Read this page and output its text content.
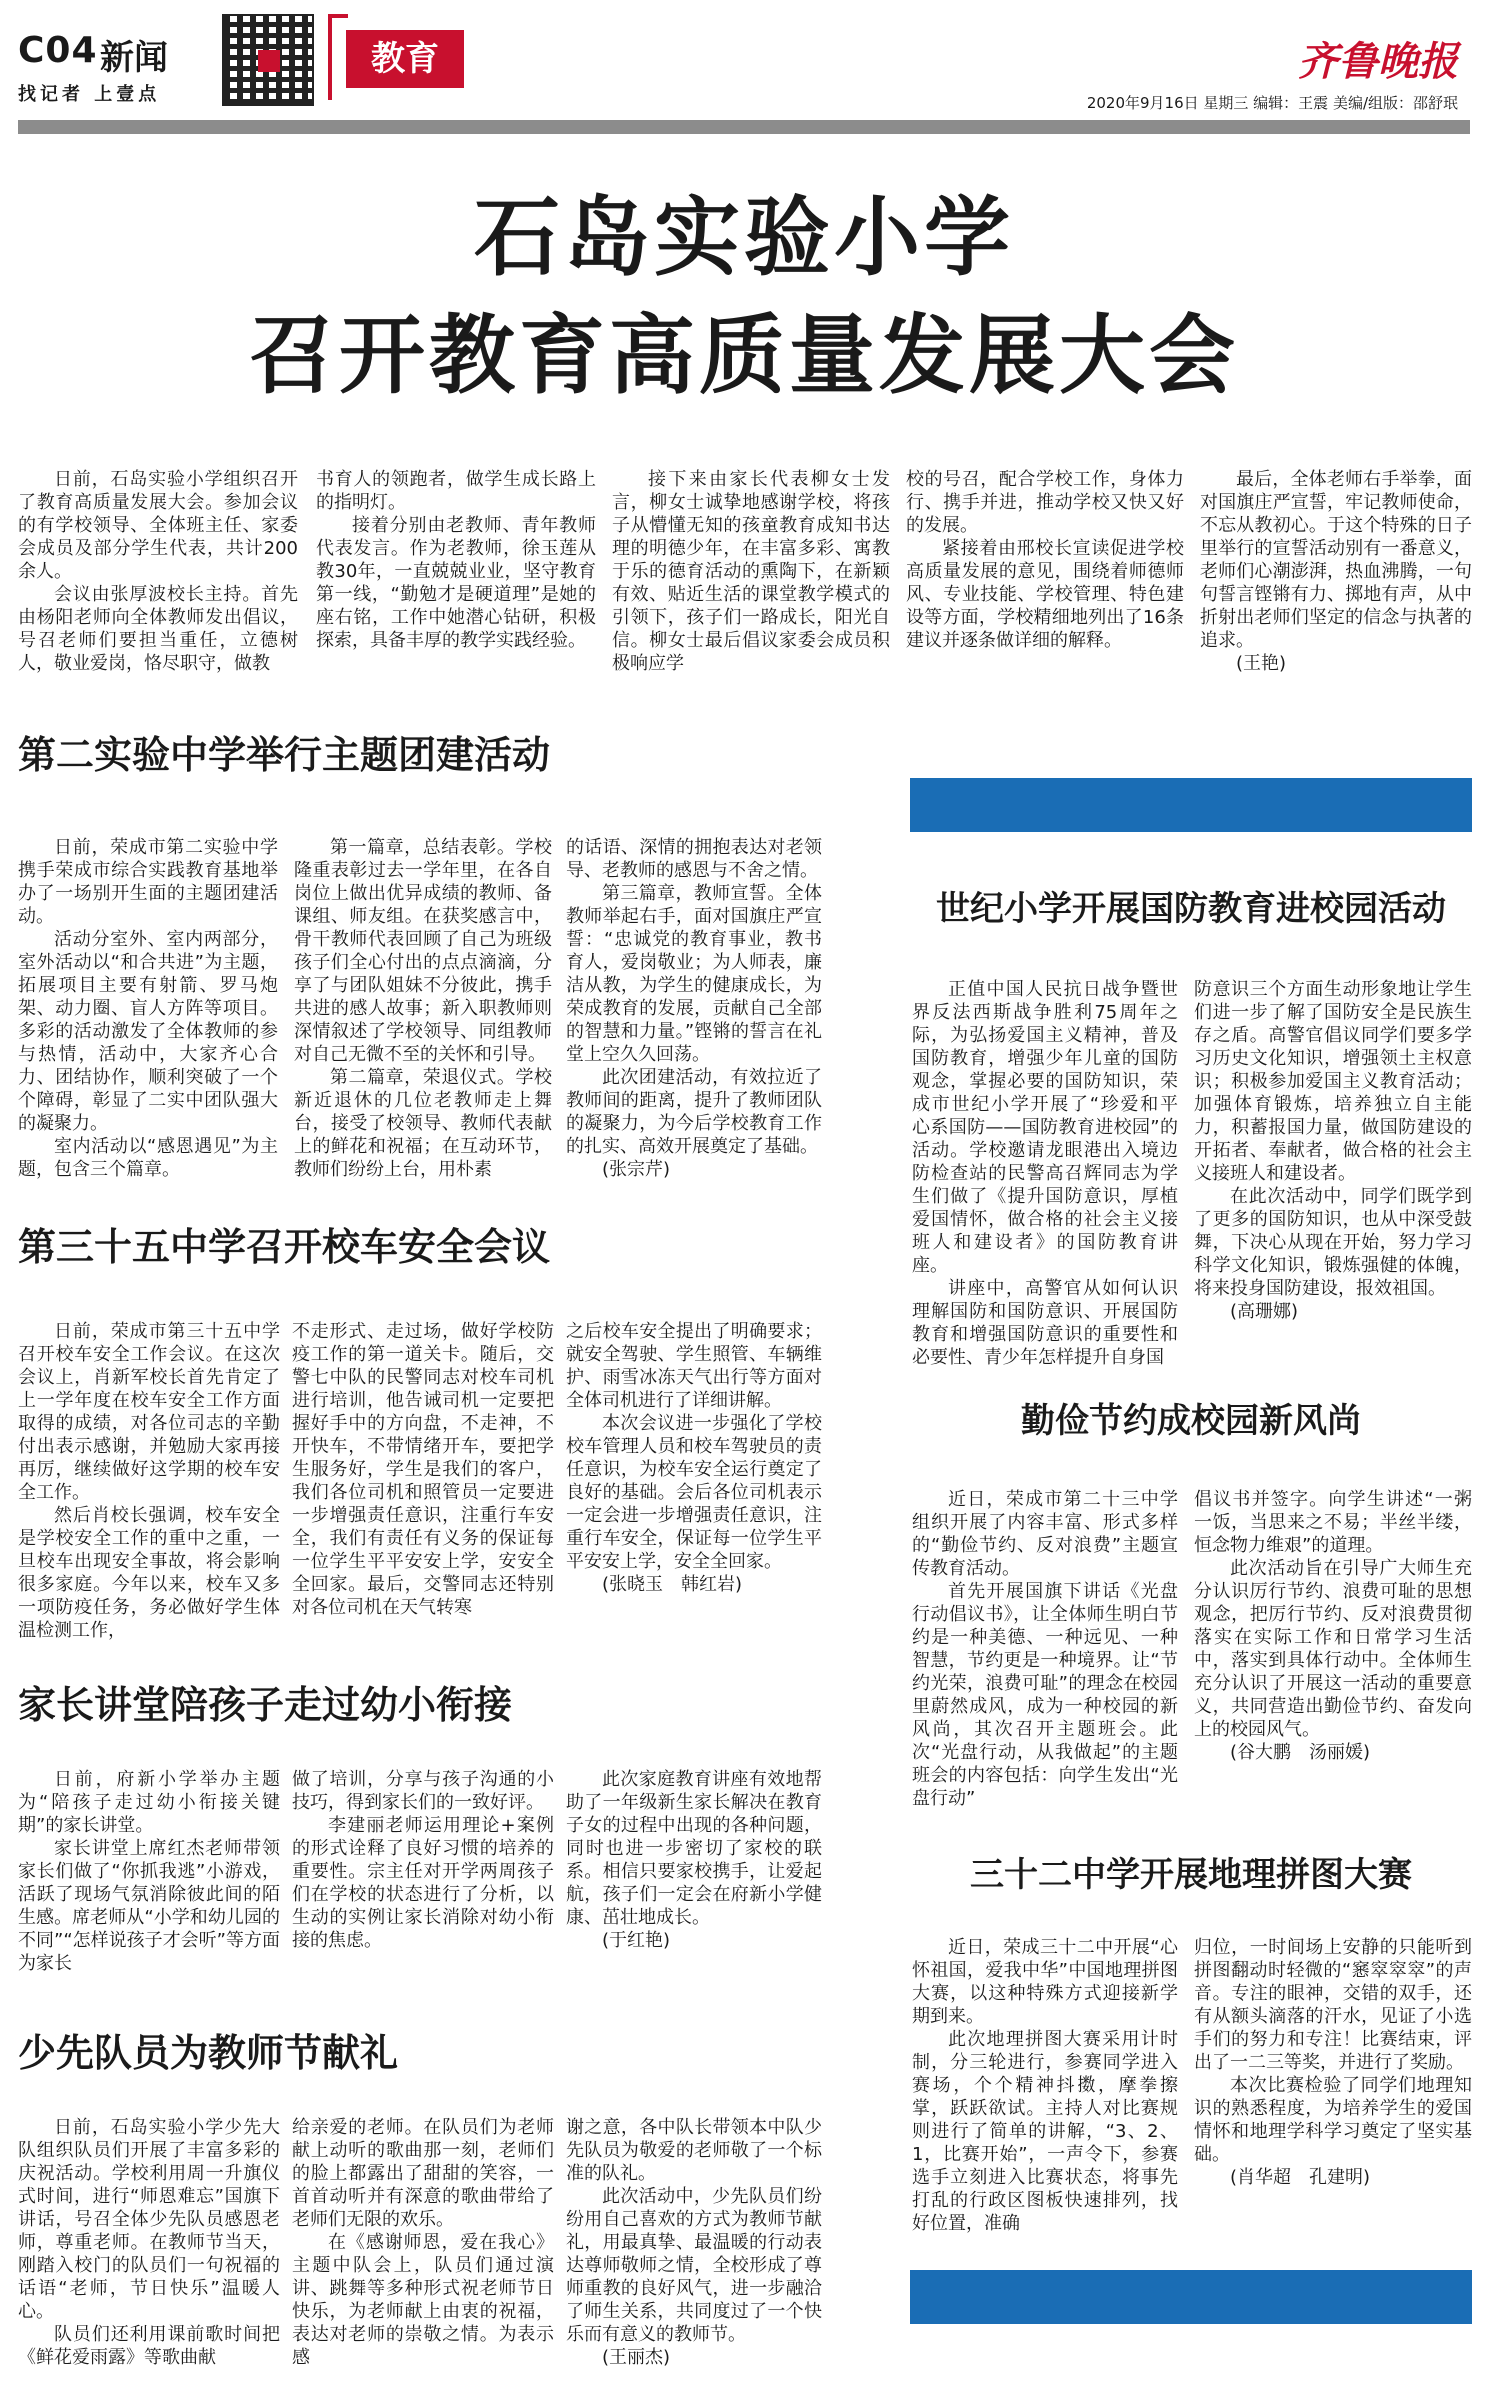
C04 新闻
找记者 上壹点
教育	齐鲁晚报
2020年9月16日 星期三 编辑：王震 美编/组版：邵舒珉
石岛实验小学
召开教育高质量发展大会

日前，石岛实验小学组织召开了教育高质量发展大会。参加会议的有学校领导、全体班主任、家委会成员及部分学生代表，共计200余人。

会议由张厚波校长主持。首先由杨阳老师向全体教师发出倡议，号召老师们要担当重任，立德树人，敬业爱岗，恪尽职守，做教

书育人的领跑者，做学生成长路上的指明灯。

接着分别由老教师、青年教师代表发言。作为老教师，徐玉莲从教30年，一直兢兢业业，坚守教育第一线，“勤勉才是硬道理”是她的座右铭，工作中她潜心钻研，积极探索，具备丰厚的教学实践经验。

接下来由家长代表柳女士发言，柳女士诚挚地感谢学校，将孩子从懵懂无知的孩童教育成知书达理的明德少年，在丰富多彩、寓教于乐的德育活动的熏陶下，在新颖有效、贴近生活的课堂教学模式的引领下，孩子们一路成长，阳光自信。柳女士最后倡议家委会成员积极响应学

校的号召，配合学校工作，身体力行、携手并进，推动学校又快又好的发展。

紧接着由邢校长宣读促进学校高质量发展的意见，围绕着师德师风、专业技能、学校管理、特色建设等方面，学校精细地列出了16条建议并逐条做详细的解释。

最后，全体老师右手举拳，面对国旗庄严宣誓，牢记教师使命，不忘从教初心。于这个特殊的日子里举行的宣誓活动别有一番意义，老师们心潮澎湃，热血沸腾，一句句誓言铿锵有力、掷地有声，从中折射出老师们坚定的信念与执著的追求。

(王艳)

第二实验中学举行主题团建活动

日前，荣成市第二实验中学携手荣成市综合实践教育基地举办了一场别开生面的主题团建活动。

活动分室外、室内两部分，室外活动以“和合共进”为主题，拓展项目主要有射箭、罗马炮架、动力圈、盲人方阵等项目。多彩的活动激发了全体教师的参与热情，活动中，大家齐心合力、团结协作，顺利突破了一个个障碍，彰显了二实中团队强大的凝聚力。

室内活动以“感恩遇见”为主题，包含三个篇章。

第一篇章，总结表彰。学校隆重表彰过去一学年里，在各自岗位上做出优异成绩的教师、备课组、师友组。在获奖感言中，骨干教师代表回顾了自己为班级孩子们全心付出的点点滴滴，分享了与团队姐妹不分彼此，携手共进的感人故事；新入职教师则深情叙述了学校领导、同组教师对自己无微不至的关怀和引导。

第二篇章，荣退仪式。学校新近退休的几位老教师走上舞台，接受了校领导、教师代表献上的鲜花和祝福；在互动环节，教师们纷纷上台，用朴素

的话语、深情的拥抱表达对老领导、老教师的感恩与不舍之情。

第三篇章，教师宣誓。全体教师举起右手，面对国旗庄严宣誓：“忠诚党的教育事业，教书育人，爱岗敬业；为人师表，廉洁从教，为学生的健康成长，为荣成教育的发展，贡献自己全部的智慧和力量。”铿锵的誓言在礼堂上空久久回荡。

此次团建活动，有效拉近了教师间的距离，提升了教师团队的凝聚力，为今后学校教育工作的扎实、高效开展奠定了基础。

(张宗芹)

第三十五中学召开校车安全会议

日前，荣成市第三十五中学召开校车安全工作会议。在这次会议上，肖新军校长首先肯定了上一学年度在校车安全工作方面取得的成绩，对各位司志的辛勤付出表示感谢，并勉励大家再接再厉，继续做好这学期的校车安全工作。

然后肖校长强调，校车安全是学校安全工作的重中之重，一旦校车出现安全事故，将会影响很多家庭。今年以来，校车又多一项防疫任务，务必做好学生体温检测工作，

不走形式、走过场，做好学校防疫工作的第一道关卡。随后，交警七中队的民警同志对校车司机进行培训，他告诫司机一定要把握好手中的方向盘，不走神，不开快车，不带情绪开车，要把学生服务好，学生是我们的客户，我们各位司机和照管员一定要进一步增强责任意识，注重行车安全，我们有责任有义务的保证每一位学生平平安安上学，安安全全回家。最后，交警同志还特别对各位司机在天气转寒

之后校车安全提出了明确要求；就安全驾驶、学生照管、车辆维护、雨雪冰冻天气出行等方面对全体司机进行了详细讲解。

本次会议进一步强化了学校校车管理人员和校车驾驶员的责任意识，为校车安全运行奠定了良好的基础。会后各位司机表示一定会进一步增强责任意识，注重行车安全，保证每一位学生平平安安上学，安全全回家。

(张晓玉　韩红岩)

家长讲堂陪孩子走过幼小衔接

日前，府新小学举办主题为“陪孩子走过幼小衔接关键期”的家长讲堂。

家长讲堂上席红杰老师带领家长们做了“你抓我逃”小游戏，活跃了现场气氛消除彼此间的陌生感。席老师从“小学和幼儿园的不同”“怎样说孩子才会听”等方面为家长

做了培训，分享与孩子沟通的小技巧，得到家长们的一致好评。

李建丽老师运用理论+案例的形式诠释了良好习惯的培养的重要性。宗主任对开学两周孩子们在学校的状态进行了分析，以生动的实例让家长消除对幼小衔接的焦虑。

此次家庭教育讲座有效地帮助了一年级新生家长解决在教育子女的过程中出现的各种问题，同时也进一步密切了家校的联系。相信只要家校携手，让爱起航，孩子们一定会在府新小学健康、茁壮地成长。

(于红艳)

少先队员为教师节献礼

日前，石岛实验小学少先大队组织队员们开展了丰富多彩的庆祝活动。学校利用周一升旗仪式时间，进行“师恩难忘”国旗下讲话，号召全体少先队员感恩老师，尊重老师。在教师节当天，刚踏入校门的队员们一句祝福的话语“老师，节日快乐”温暖人心。

队员们还利用课前歌时间把《鲜花爱雨露》等歌曲献

给亲爱的老师。在队员们为老师献上动听的歌曲那一刻，老师们的脸上都露出了甜甜的笑容，一首首动听并有深意的歌曲带给了老师们无限的欢乐。

在《感谢师恩，爱在我心》主题中队会上，队员们通过演讲、跳舞等多种形式祝老师节日快乐，为老师献上由衷的祝福，表达对老师的崇敬之情。为表示感

谢之意，各中队长带领本中队少先队员为敬爱的老师敬了一个标准的队礼。

此次活动中，少先队员们纷纷用自己喜欢的方式为教师节献礼，用最真挚、最温暖的行动表达尊师敬师之情，全校形成了尊师重教的良好风气，进一步融洽了师生关系，共同度过了一个快乐而有意义的教师节。

(王丽杰)

世纪小学开展国防教育进校园活动

正值中国人民抗日战争暨世界反法西斯战争胜利75周年之际，为弘扬爱国主义精神，普及国防教育，增强少年儿童的国防观念，掌握必要的国防知识，荣成市世纪小学开展了“珍爱和平　心系国防——国防教育进校园”的活动。学校邀请龙眼港出入境边防检查站的民警高召辉同志为学生们做了《提升国防意识，厚植爱国情怀，做合格的社会主义接班人和建设者》的国防教育讲座。

讲座中，高警官从如何认识理解国防和国防意识、开展国防教育和增强国防意识的重要性和必要性、青少年怎样提升自身国

防意识三个方面生动形象地让学生们进一步了解了国防安全是民族生存之盾。高警官倡议同学们要多学习历史文化知识，增强领土主权意识；积极参加爱国主义教育活动；加强体育锻炼，培养独立自主能力，积蓄报国力量，做国防建设的开拓者、奉献者，做合格的社会主义接班人和建设者。

在此次活动中，同学们既学到了更多的国防知识，也从中深受鼓舞，下决心从现在开始，努力学习科学文化知识，锻炼强健的体魄，将来投身国防建设，报效祖国。

(高珊娜)

勤俭节约成校园新风尚

近日，荣成市第二十三中学组织开展了内容丰富、形式多样的“勤俭节约、反对浪费”主题宣传教育活动。

首先开展国旗下讲话《光盘行动倡议书》，让全体师生明白节约是一种美德、一种远见、一种智慧，节约更是一种境界。让“节约光荣，浪费可耻”的理念在校园里蔚然成风，成为一种校园的新风尚，其次召开主题班会。此次“光盘行动，从我做起”的主题班会的内容包括：向学生发出“光盘行动”

倡议书并签字。向学生讲述“一粥一饭，当思来之不易；半丝半缕，恒念物力维艰”的道理。

此次活动旨在引导广大师生充分认识厉行节约、浪费可耻的思想观念，把厉行节约、反对浪费贯彻落实在实际工作和日常学习生活中，落实到具体行动中。全体师生充分认识了开展这一活动的重要意义，共同营造出勤俭节约、奋发向上的校园风气。

(谷大鹏　汤丽媛)

三十二中学开展地理拼图大赛

近日，荣成三十二中开展“心怀祖国，爱我中华”中国地理拼图大赛，以这种特殊方式迎接新学期到来。

此次地理拼图大赛采用计时制，分三轮进行，参赛同学进入赛场，个个精神抖擞，摩拳擦掌，跃跃欲试。主持人对比赛规则进行了简单的讲解，“3、2、1，比赛开始”，一声令下，参赛选手立刻进入比赛状态，将事先打乱的行政区图板快速排列，找好位置，准确

归位，一时间场上安静的只能听到拼图翻动时轻微的“窸窣窣窣”的声音。专注的眼神，交错的双手，还有从额头滴落的汗水，见证了小选手们的努力和专注！比赛结束，评出了一二三等奖，并进行了奖励。

本次比赛检验了同学们地理知识的熟悉程度，为培养学生的爱国情怀和地理学科学习奠定了坚实基础。

(肖华超　孔建明)
